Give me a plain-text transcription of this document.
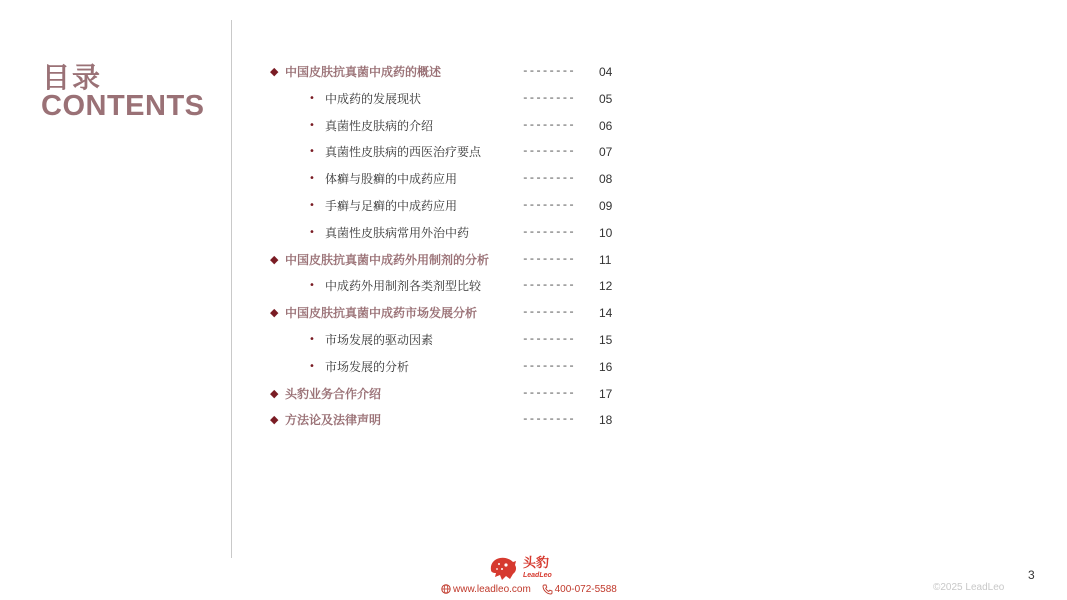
目录
CONTENTS
◆ 中国皮肤抗真菌中成药的概述	-------- 04
• 中成药的发展现状	-------- 05
• 真菌性皮肤病的介绍	-------- 06
• 真菌性皮肤病的西医治疗要点	-------- 07
• 体癣与股癣的中成药应用	-------- 08
• 手癣与足癣的中成药应用	-------- 09
• 真菌性皮肤病常用外治中药	-------- 10
◆ 中国皮肤抗真菌中成药外用制剂的分析	-------- 11
• 中成药外用制剂各类剂型比较	-------- 12
◆ 中国皮肤抗真菌中成药市场发展分析	-------- 14
• 市场发展的驱动因素	-------- 15
• 市场发展的分析	-------- 16
◆ 头豹业务合作介绍	-------- 17
◆ 方法论及法律声明	-------- 18
头豹
LeadLeo
www.leadleo.com 400-072-5588
3
©2025 LeadLeo
